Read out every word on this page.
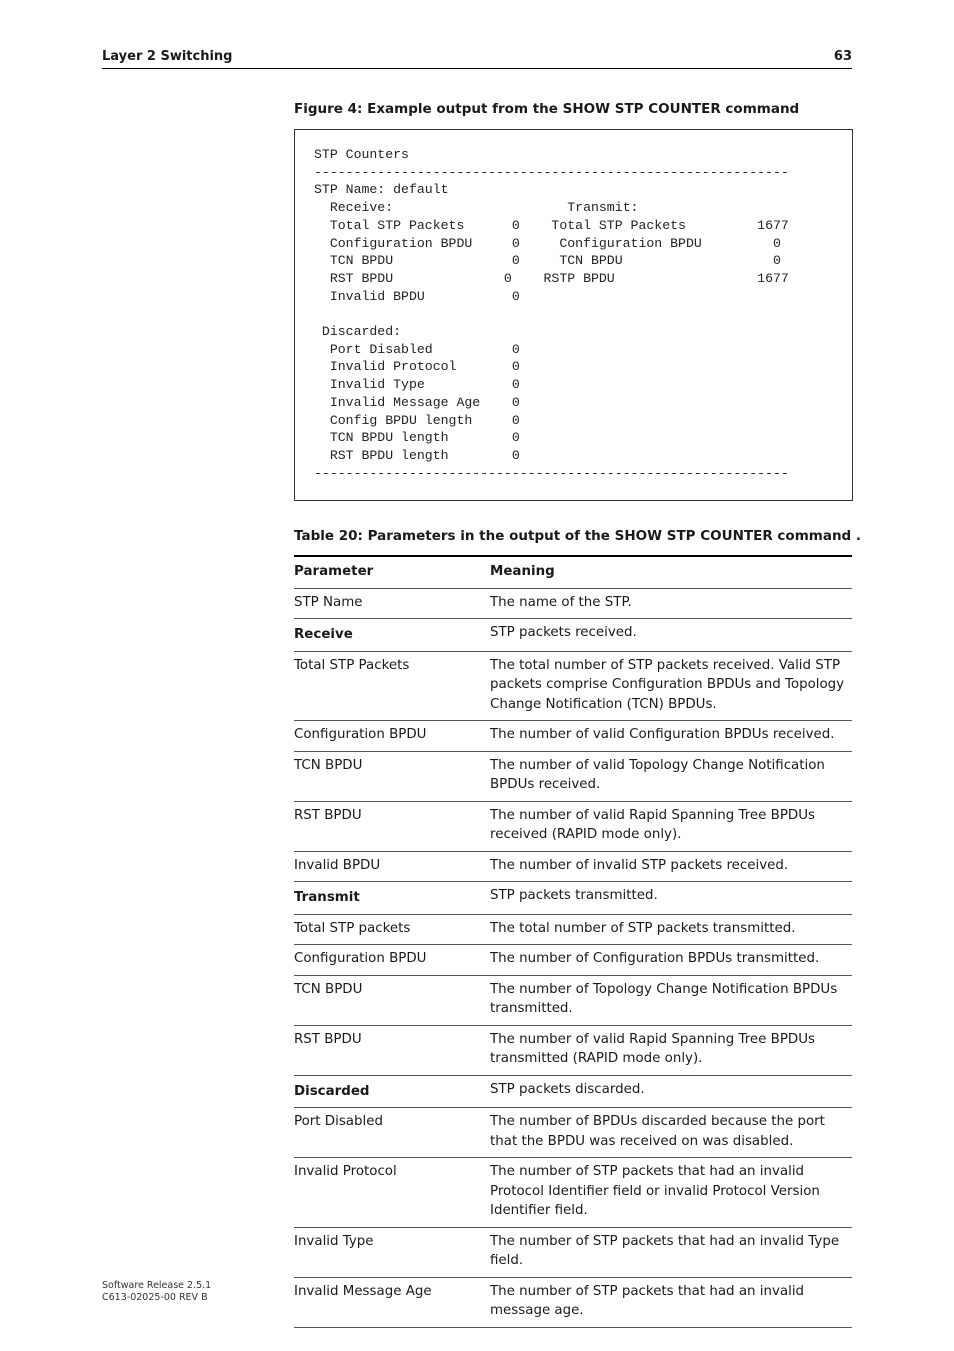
Layer 2 Switching	63
Figure 4: Example output from the SHOW STP COUNTER command
STP Counters
------------------------------------------------------------
STP Name: default
Receive:                      Transmit:
Total STP Packets      0    Total STP Packets         1677
Configuration BPDU     0     Configuration BPDU         0
TCN BPDU               0     TCN BPDU                   0
RST BPDU              0    RSTP BPDU                  1677
Invalid BPDU           0

Discarded:
Port Disabled          0
Invalid Protocol       0
Invalid Type           0
Invalid Message Age    0
Config BPDU length     0
TCN BPDU length        0
RST BPDU length        0
------------------------------------------------------------
Table 20: Parameters in the output of the SHOW STP COUNTER command .
Parameter	Meaning
STP Name	The name of the STP.
Receive	STP packets received.
Total STP Packets	The total number of STP packets received. Valid STP packets comprise Configuration BPDUs and Topology Change Notification (TCN) BPDUs.
Configuration BPDU	The number of valid Configuration BPDUs received.
TCN BPDU	The number of valid Topology Change Notification BPDUs received.
RST BPDU	The number of valid Rapid Spanning Tree BPDUs received (RAPID mode only).
Invalid BPDU	The number of invalid STP packets received.
Transmit	STP packets transmitted.
Total STP packets	The total number of STP packets transmitted.
Configuration BPDU	The number of Configuration BPDUs transmitted.
TCN BPDU	The number of Topology Change Notification BPDUs transmitted.
RST BPDU	The number of valid Rapid Spanning Tree BPDUs transmitted (RAPID mode only).
Discarded	STP packets discarded.
Port Disabled	The number of BPDUs discarded because the port that the BPDU was received on was disabled.
Invalid Protocol	The number of STP packets that had an invalid Protocol Identifier field or invalid Protocol Version Identifier field.
Invalid Type	The number of STP packets that had an invalid Type field.
Invalid Message Age	The number of STP packets that had an invalid message age.
Software Release 2.5.1
C613-02025-00 REV B
